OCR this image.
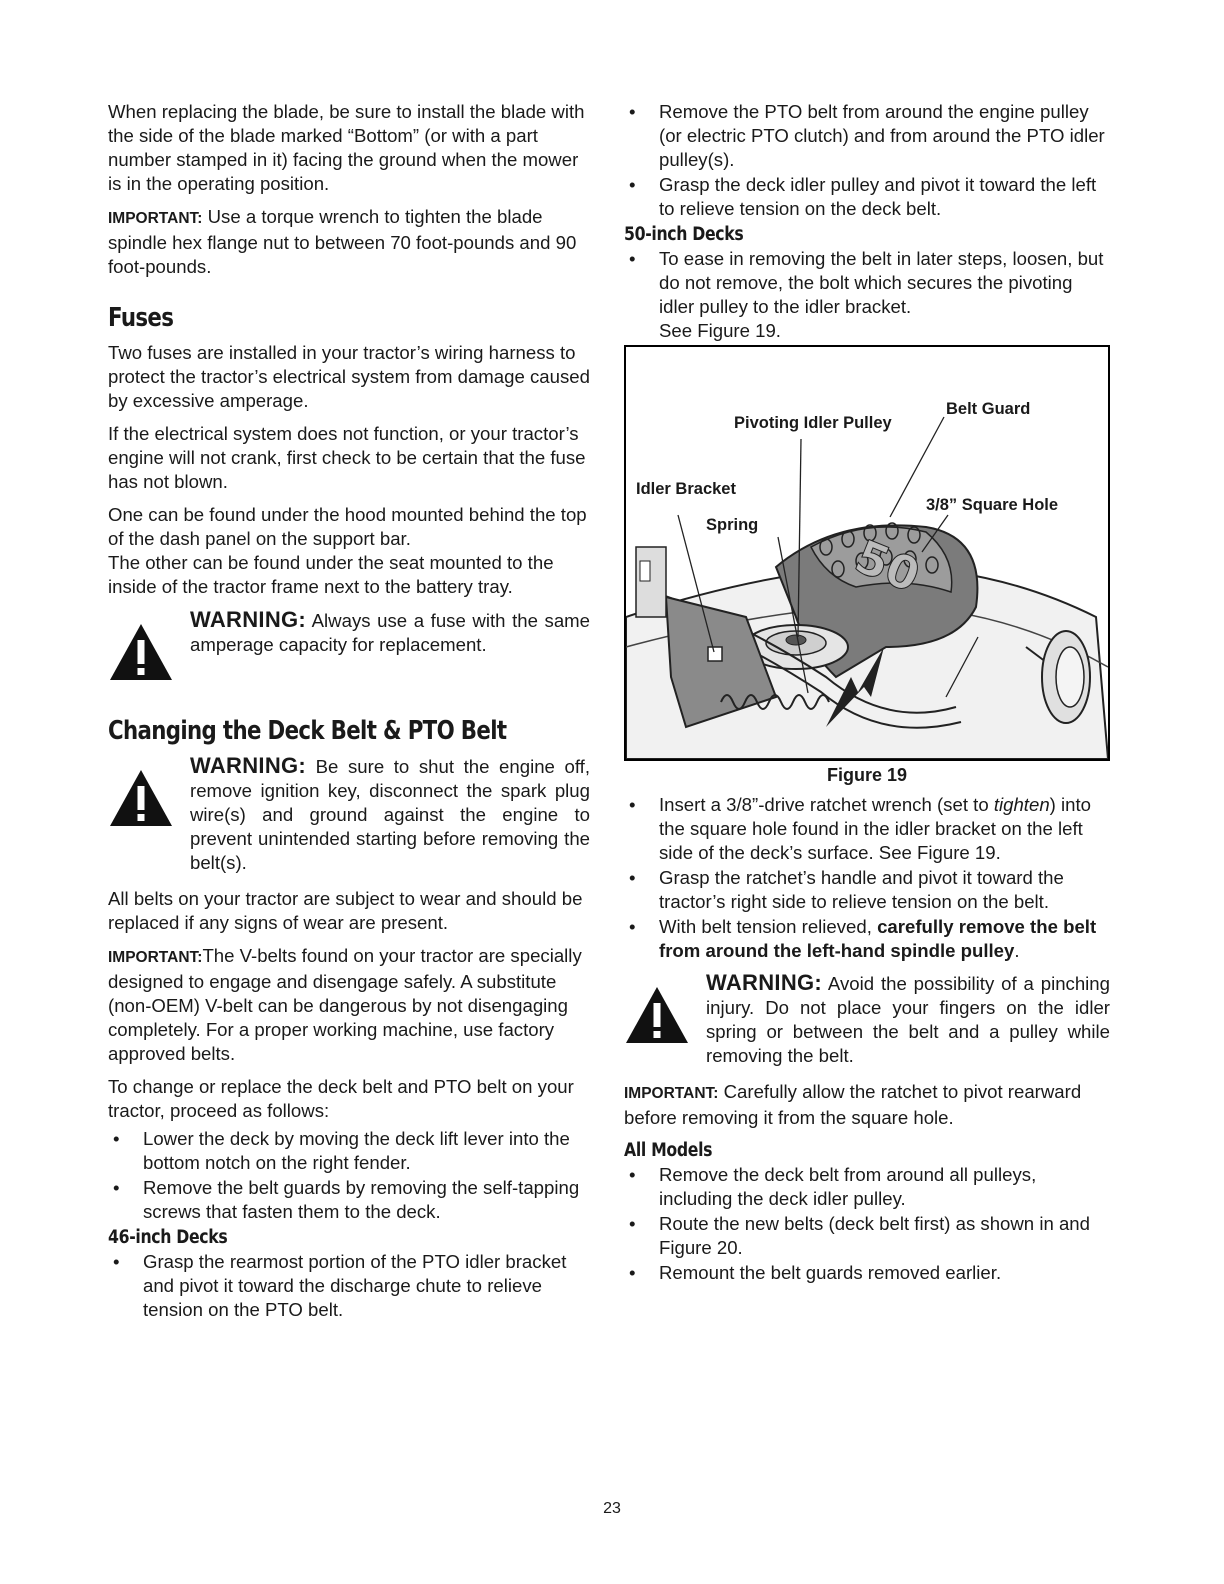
When replacing the blade, be sure to install the blade with the side of the blade marked “Bottom” (or with a part number stamped in it) facing the ground when the mower is in the operating position.

IMPORTANT: Use a torque wrench to tighten the blade spindle hex flange nut to between 70 foot-pounds and 90 foot-pounds.

Fuses

Two fuses are installed in your tractor’s wiring harness to protect the tractor’s electrical system from damage caused by excessive amperage.

If the electrical system does not function, or your tractor’s engine will not crank, first check to be certain that the fuse has not blown.

One can be found under the hood mounted behind the top of the dash panel on the support bar.

The other can be found under the seat mounted to the inside of the tractor frame next to the battery tray.

WARNING: Always use a fuse with the same amperage capacity for replacement.
Changing the Deck Belt & PTO Belt
WARNING: Be sure to shut the engine off, remove ignition key, disconnect the spark plug wire(s) and ground against the engine to prevent unintended starting before removing the belt(s).

All belts on your tractor are subject to wear and should be replaced if any signs of wear are present.

IMPORTANT:The V-belts found on your tractor are specially designed to engage and disengage safely. A substitute (non-OEM) V-belt can be dangerous by not disengaging completely. For a proper working machine, use factory approved belts.

To change or replace the deck belt and PTO belt on your tractor, proceed as follows:

• Lower the deck by moving the deck lift lever into the bottom notch on the right fender.
• Remove the belt guards by removing the self-tapping screws that fasten them to the deck.
46-inch Decks
• Grasp the rearmost portion of the PTO idler bracket and pivot it toward the discharge chute to relieve tension on the PTO belt.
• Remove the PTO belt from around the engine pulley (or electric PTO clutch) and from around the PTO idler pulley(s).
• Grasp the deck idler pulley and pivot it toward the left to relieve tension on the deck belt.
50-inch Decks
• To ease in removing the belt in later steps, loosen, but do not remove, the bolt which secures the pivoting idler pulley to the idler bracket.
See Figure 19.
50
Pivoting Idler Pulley
Belt Guard
Idler Bracket
3/8” Square Hole
Spring
Figure 19
• Insert a 3/8”-drive ratchet wrench (set to tighten) into the square hole found in the idler bracket on the left side of the deck’s surface. See Figure 19.
• Grasp the ratchet’s handle and pivot it toward the tractor’s right side to relieve tension on the belt.
• With belt tension relieved, carefully remove the belt from around the left-hand spindle pulley.
WARNING: Avoid the possibility of a pinching injury. Do not place your fingers on the idler spring or between the belt and a pulley while removing the belt.

IMPORTANT: Carefully allow the ratchet to pivot rearward before removing it from the square hole.

All Models
• Remove the deck belt from around all pulleys, including the deck idler pulley.
• Route the new belts (deck belt first) as shown in and Figure 20.
• Remount the belt guards removed earlier.
23
